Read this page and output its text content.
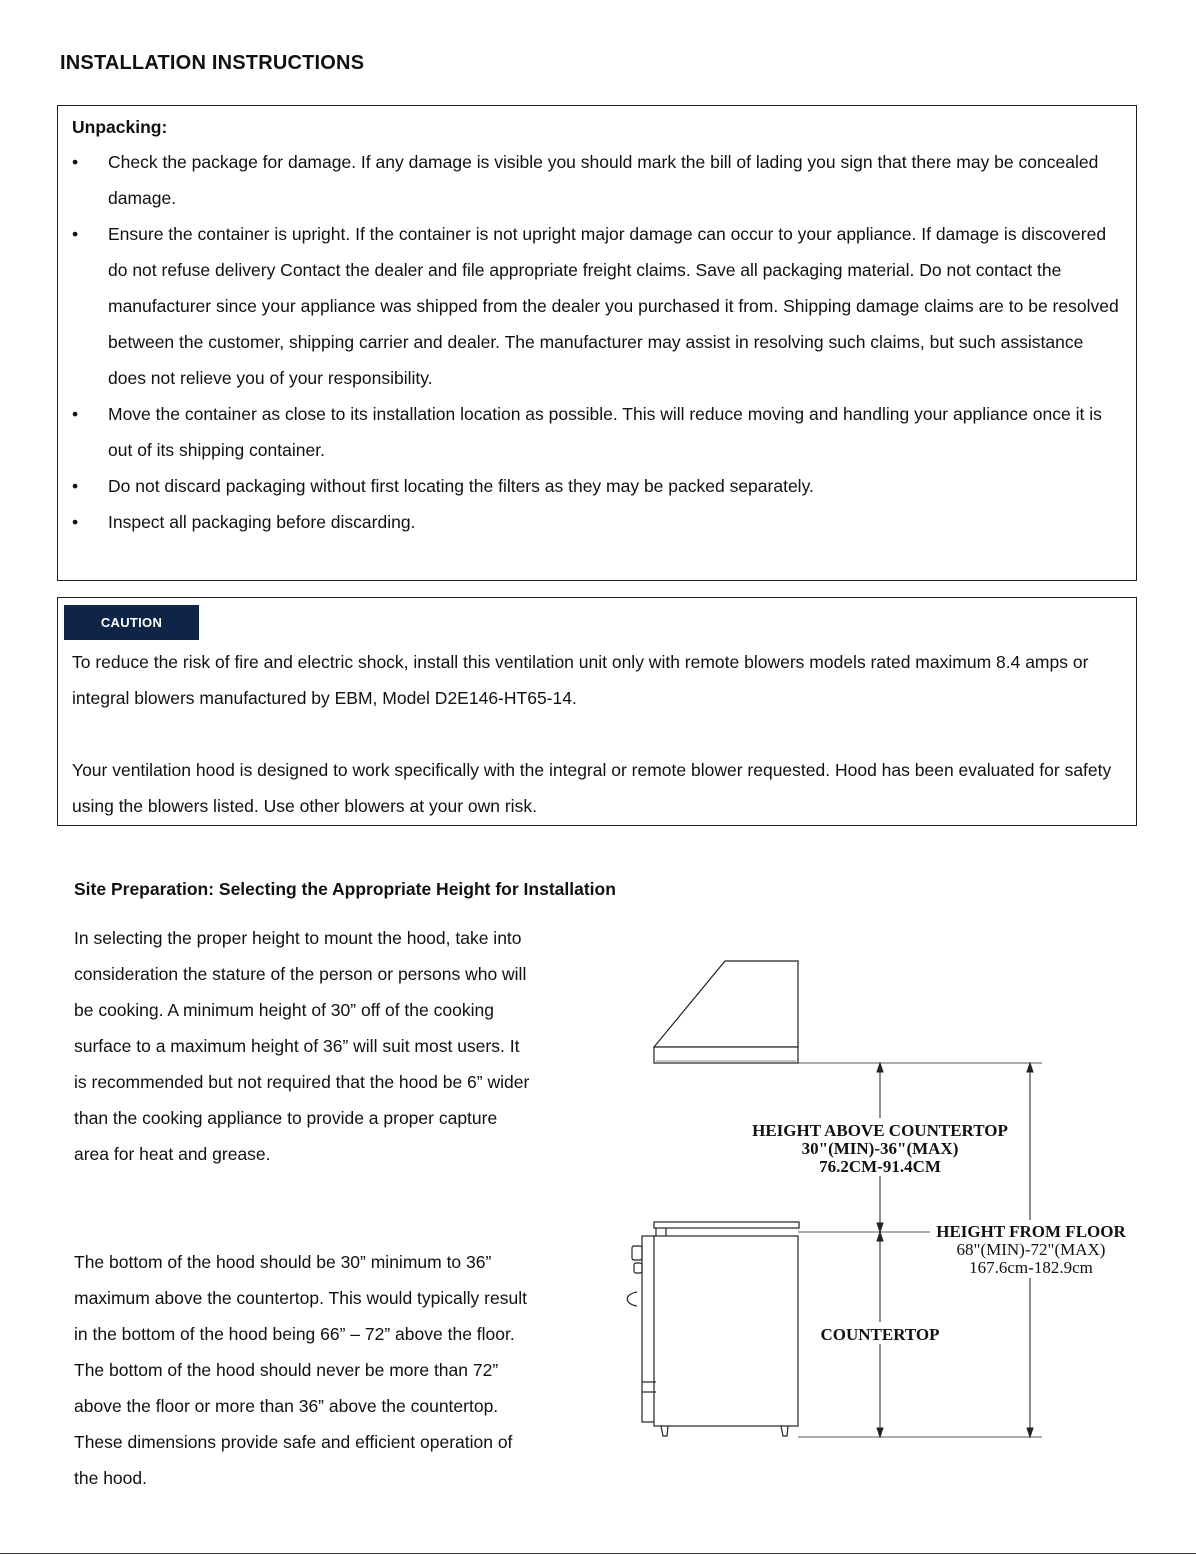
INSTALLATION INSTRUCTIONS
Unpacking:
• Check the package for damage. If any damage is visible you should mark the bill of lading you sign that there may be concealed damage.
• Ensure the container is upright. If the container is not upright major damage can occur to your appliance. If damage is discovered do not refuse delivery Contact the dealer and file appropriate freight claims. Save all packaging material. Do not contact the manufacturer since your appliance was shipped from the dealer you purchased it from. Shipping damage claims are to be resolved between the customer, shipping carrier and dealer. The manufacturer may assist in resolving such claims, but such assistance does not relieve you of your responsibility.
• Move the container as close to its installation location as possible. This will reduce moving and handling your appliance once it is out of its shipping container.
• Do not discard packaging without first locating the filters as they may be packed separately.
• Inspect all packaging before discarding.
CAUTION
To reduce the risk of fire and electric shock, install this ventilation unit only with remote blowers models rated maximum 8.4 amps or integral blowers manufactured by EBM, Model D2E146-HT65-14.
Your ventilation hood is designed to work specifically with the integral or remote blower requested. Hood has been evaluated for safety using the blowers listed. Use other blowers at your own risk.
Site Preparation: Selecting the Appropriate Height for Installation
In selecting the proper height to mount the hood, take into consideration the stature of the person or persons who will be cooking. A minimum height of 30” off of the cooking surface to a maximum height of 36” will suit most users. It is recommended but not required that the hood be 6” wider than the cooking appliance to provide a proper capture area for heat and grease.
The bottom of the hood should be 30” minimum to 36” maximum above the countertop. This would typically result in the bottom of the hood being 66” – 72” above the floor. The bottom of the hood should never be more than 72” above the floor or more than 36” above the countertop. These dimensions provide safe and efficient operation of the hood.
HEIGHT ABOVE COUNTERTOP
30"(MIN)-36"(MAX)
76.2CM-91.4CM
HEIGHT FROM FLOOR
68"(MIN)-72"(MAX)
167.6cm-182.9cm
COUNTERTOP
